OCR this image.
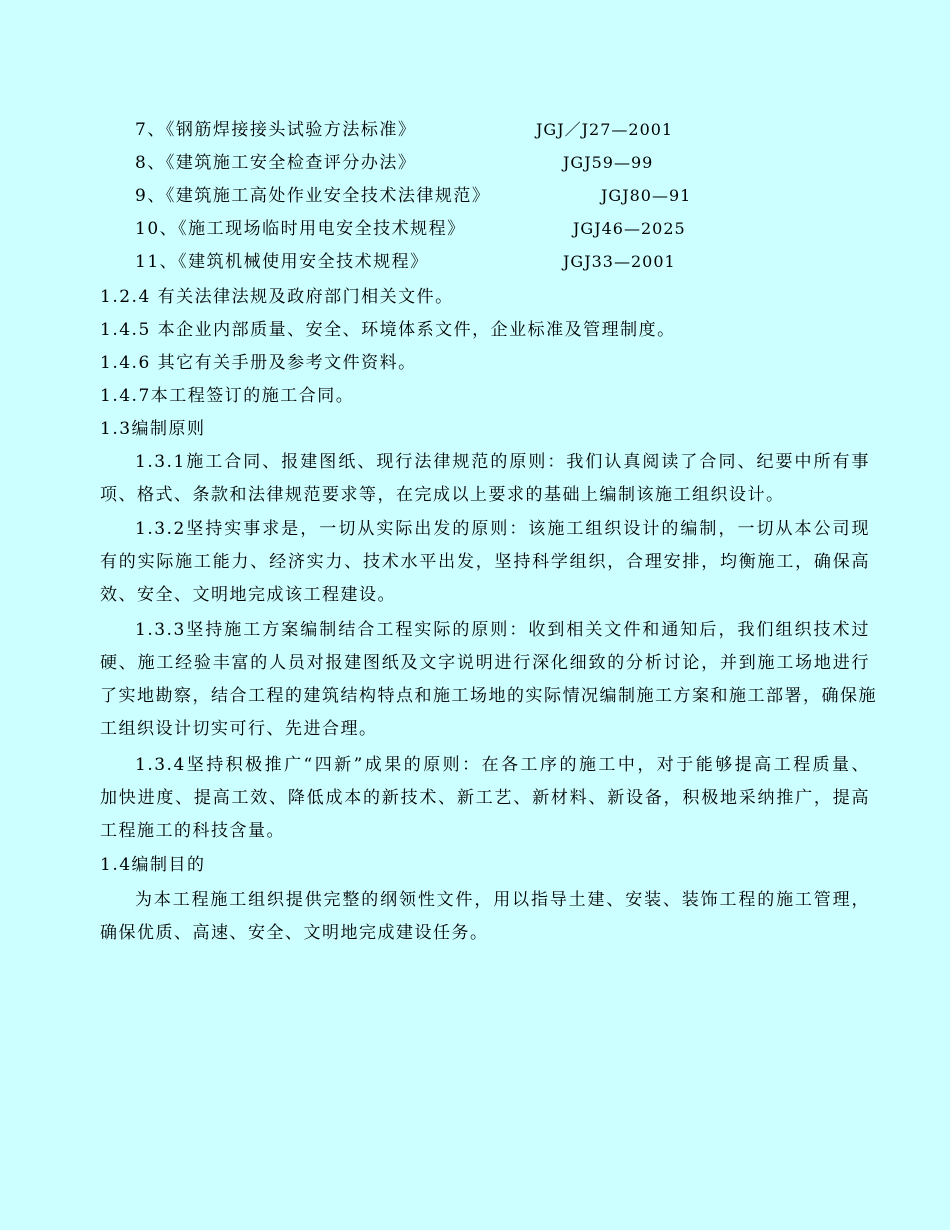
7、《钢筋焊接接头试验方法标准》	JGJ／J27—2001
8、《建筑施工安全检查评分办法》	JGJ59—99
9、《建筑施工高处作业安全技术法律规范》	JGJ80—91
10、《施工现场临时用电安全技术规程》	JGJ46—2025
11、《建筑机械使用安全技术规程》	JGJ33—2001
1.2.4 有关法律法规及政府部门相关文件。
1.4.5 本企业内部质量、安全、环境体系文件，企业标准及管理制度。
1.4.6 其它有关手册及参考文件资料。
1.4.7本工程签订的施工合同。
1.3编制原则
1.3.1施工合同、报建图纸、现行法律规范的原则：我们认真阅读了合同、纪要中所有事
项、格式、条款和法律规范要求等，在完成以上要求的基础上编制该施工组织设计。
1.3.2坚持实事求是，一切从实际出发的原则：该施工组织设计的编制，一切从本公司现
有的实际施工能力、经济实力、技术水平出发，坚持科学组织，合理安排，均衡施工，确保高
效、安全、文明地完成该工程建设。
1.3.3坚持施工方案编制结合工程实际的原则：收到相关文件和通知后，我们组织技术过
硬、施工经验丰富的人员对报建图纸及文字说明进行深化细致的分析讨论，并到施工场地进行
了实地勘察，结合工程的建筑结构特点和施工场地的实际情况编制施工方案和施工部署，确保施
工组织设计切实可行、先进合理。
1.3.4坚持积极推广“四新”成果的原则：在各工序的施工中，对于能够提高工程质量、
加快进度、提高工效、降低成本的新技术、新工艺、新材料、新设备，积极地采纳推广，提高
工程施工的科技含量。
1.4编制目的
为本工程施工组织提供完整的纲领性文件，用以指导土建、安装、装饰工程的施工管理，
确保优质、高速、安全、文明地完成建设任务。
